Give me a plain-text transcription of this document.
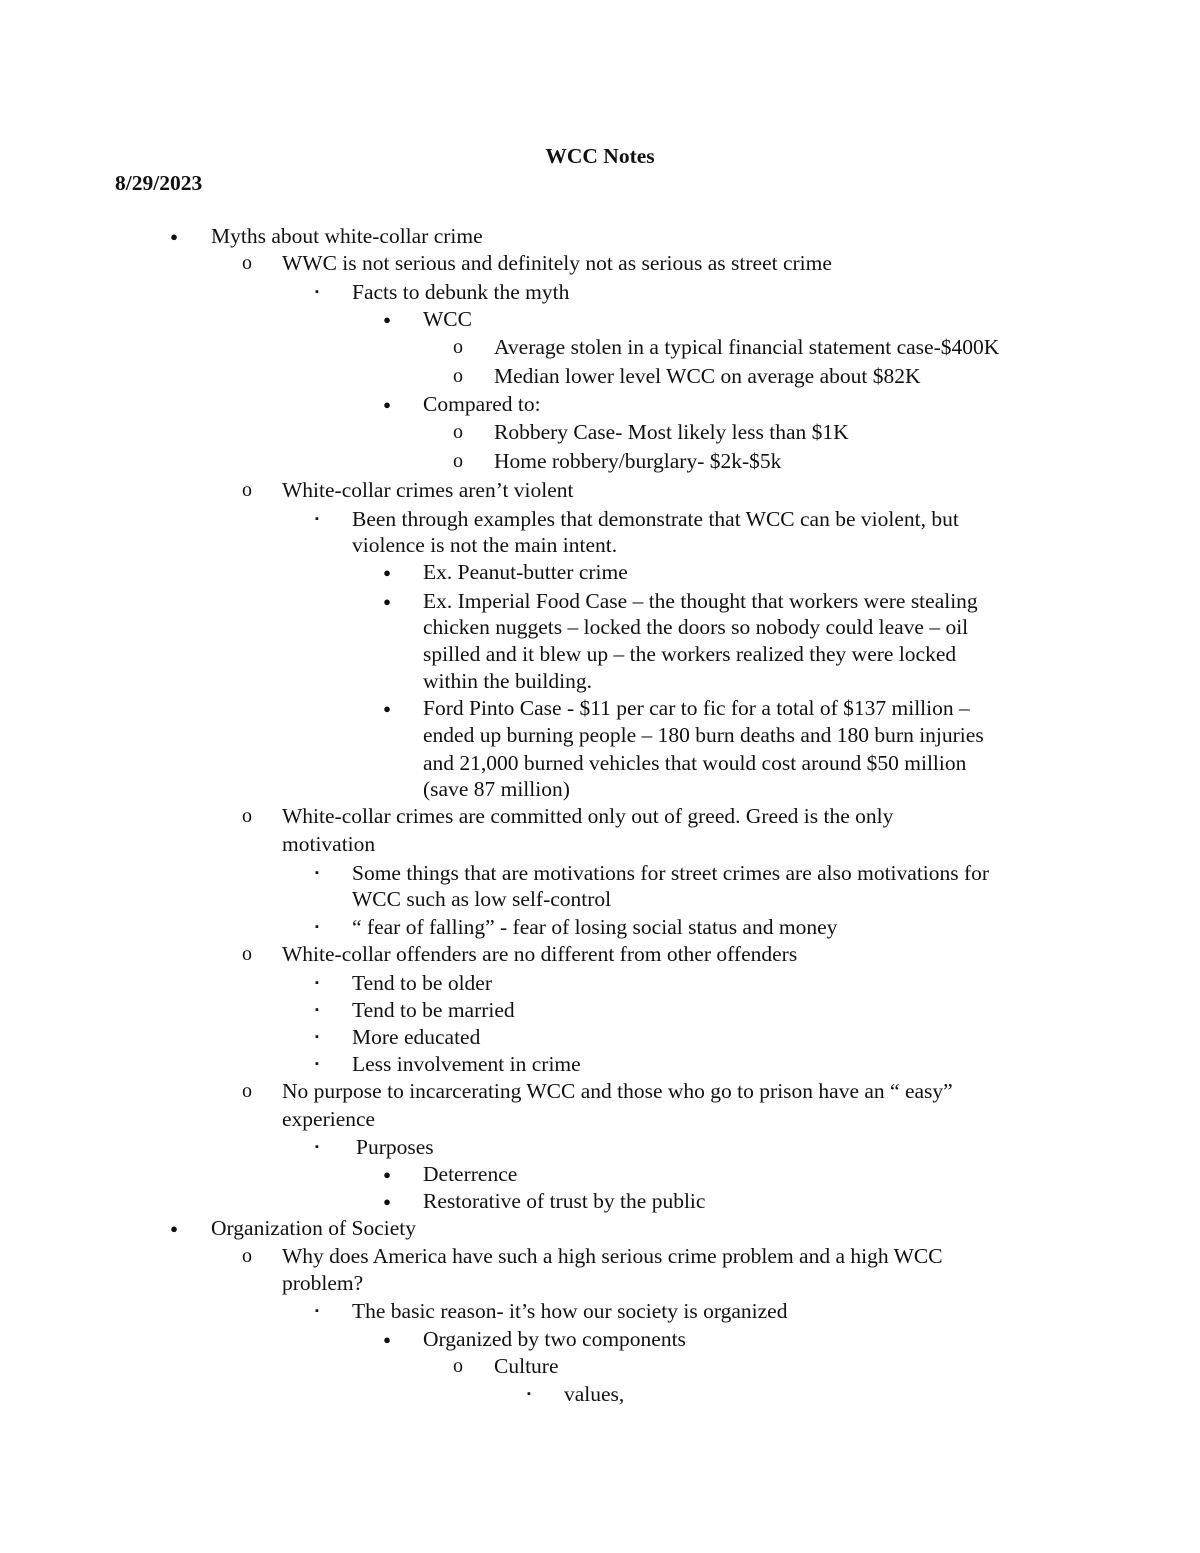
WCC Notes
8/29/2023
● Myths about white-collar crime
o WWC is not serious and definitely not as serious as street crime
▪ Facts to debunk the myth
● WCC
o Average stolen in a typical financial statement case-$400K
o Median lower level WCC on average about $82K
● Compared to:
o Robbery Case- Most likely less than $1K
o Home robbery/burglary- $2k-$5k
o White-collar crimes aren’t violent
▪ Been through examples that demonstrate that WCC can be violent, but
violence is not the main intent.
● Ex. Peanut-butter crime
● Ex. Imperial Food Case – the thought that workers were stealing
chicken nuggets – locked the doors so nobody could leave – oil
spilled and it blew up – the workers realized they were locked
within the building.
● Ford Pinto Case - $11 per car to fic for a total of $137 million –
ended up burning people – 180 burn deaths and 180 burn injuries
and 21,000 burned vehicles that would cost around $50 million
(save 87 million)
o White-collar crimes are committed only out of greed. Greed is the only
motivation
▪ Some things that are motivations for street crimes are also motivations for
WCC such as low self-control
▪ “ fear of falling” - fear of losing social status and money
o White-collar offenders are no different from other offenders
▪ Tend to be older
▪ Tend to be married
▪ More educated
▪ Less involvement in crime
o No purpose to incarcerating WCC and those who go to prison have an “ easy”
experience
▪ Purposes
● Deterrence
● Restorative of trust by the public
● Organization of Society
o Why does America have such a high serious crime problem and a high WCC
problem?
▪ The basic reason- it’s how our society is organized
● Organized by two components
o Culture
▪ values,
